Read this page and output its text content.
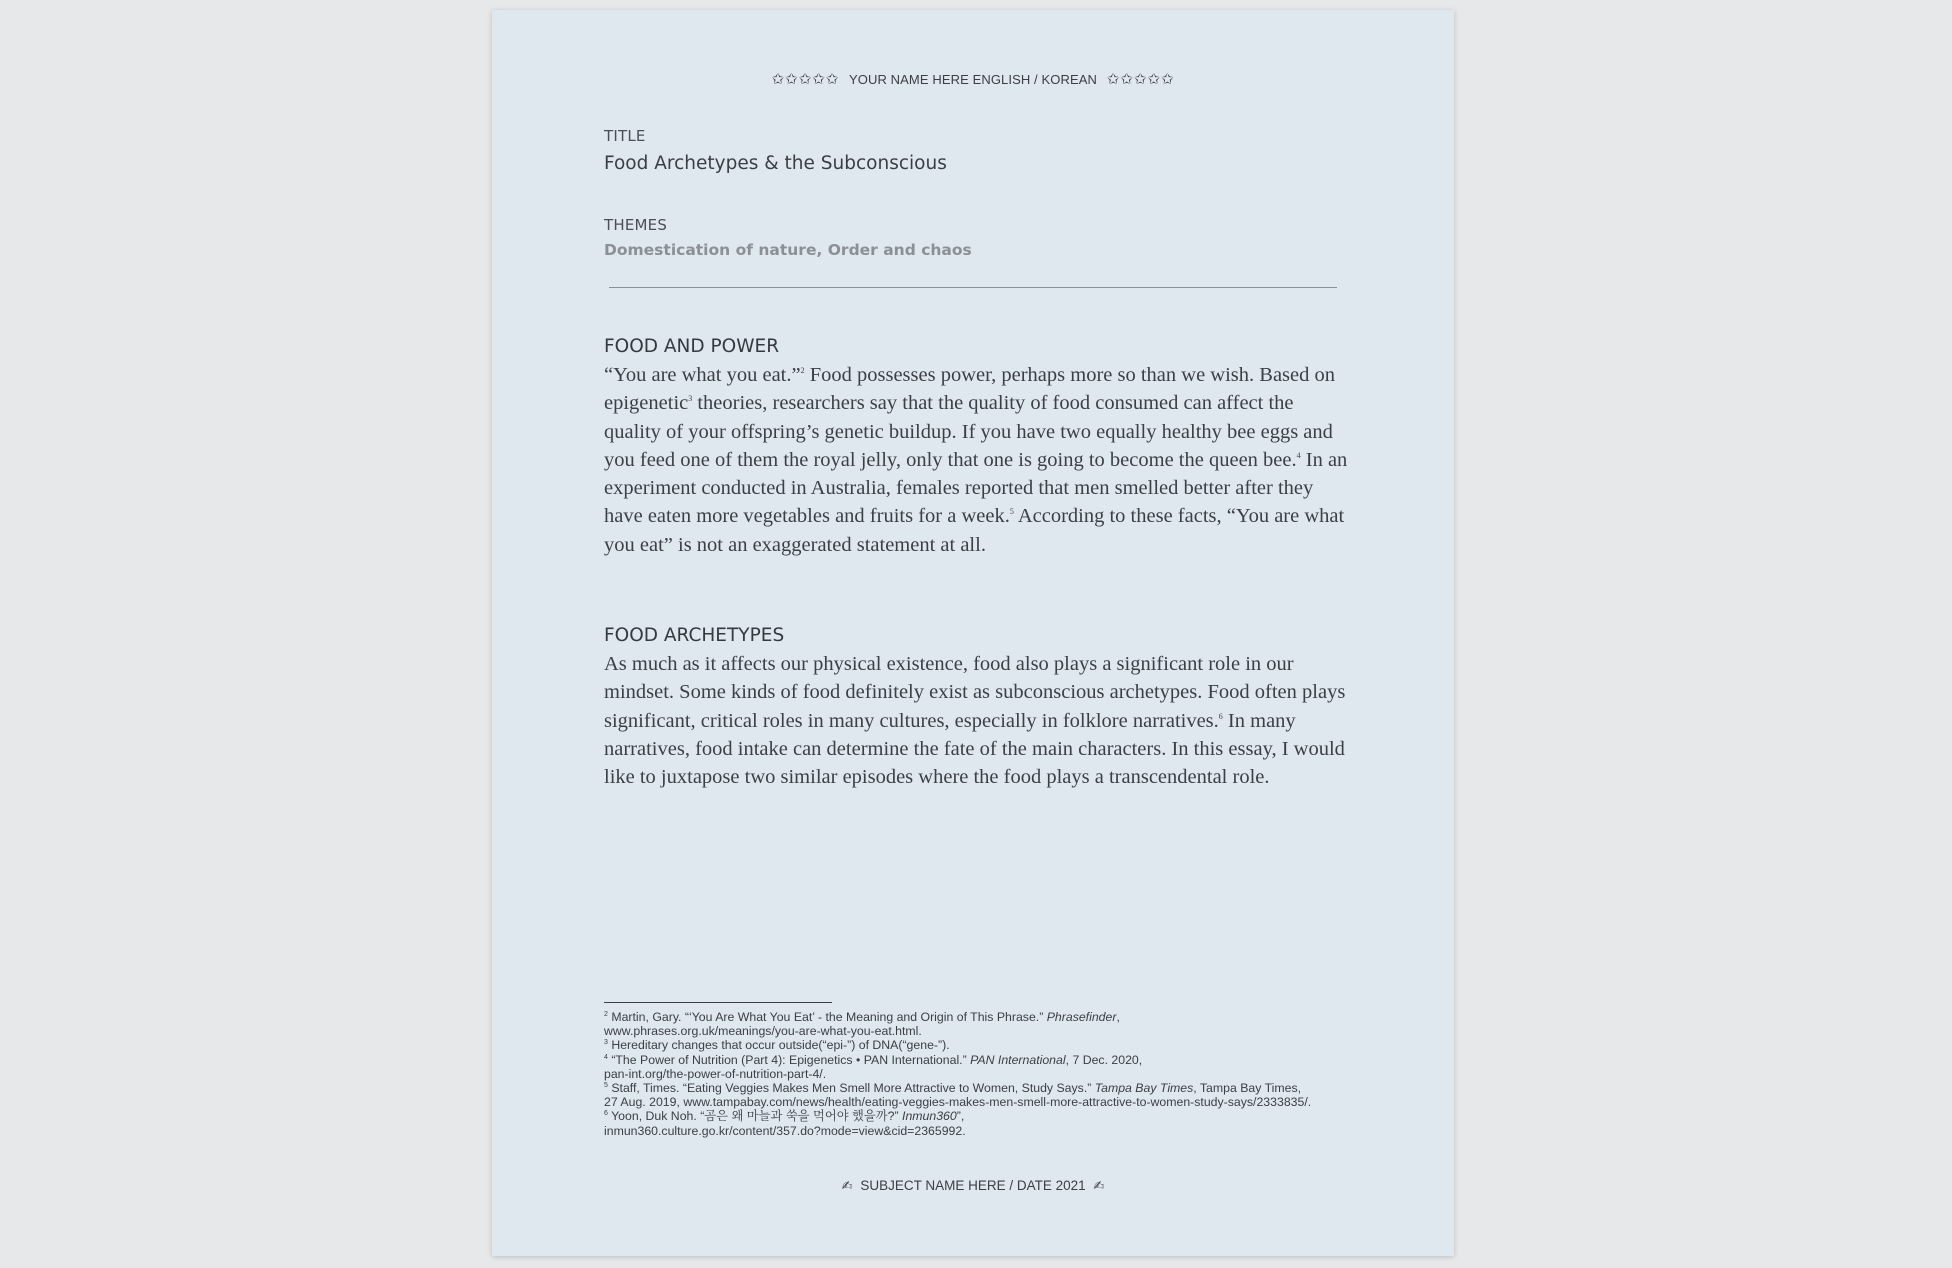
✩✩✩✩✩ YOUR NAME HERE ENGLISH / KOREAN ✩✩✩✩✩
TITLE
Food Archetypes & the Subconscious
THEMES
Domestication of nature, Order and chaos
FOOD AND POWER

“You are what you eat.”$^2$ Food possesses power, perhaps more so than we wish. Based on epigenetic$^3$ theories, researchers say that the quality of food consumed can affect the quality of your offspring’s genetic buildup. If you have two equally healthy bee eggs and you feed one of them the royal jelly, only that one is going to become the queen bee.$^4$ In an experiment conducted in Australia, females reported that men smelled better after they have eaten more vegetables and fruits for a week.$^5$ According to these facts, “You are what you eat” is not an exaggerated statement at all.

FOOD ARCHETYPES

As much as it affects our physical existence, food also plays a significant role in our mindset. Some kinds of food definitely exist as subconscious archetypes. Food often plays significant, critical roles in many cultures, especially in folklore narratives.$^6$ In many narratives, food intake can determine the fate of the main characters. In this essay, I would like to juxtapose two similar episodes where the food plays a transcendental role.

$^2$ Martin, Gary. “‘You Are What You Eat’ - the Meaning and Origin of This Phrase.” Phrasefinder,
www.phrases.org.uk/meanings/you-are-what-you-eat.html.

$^3$ Hereditary changes that occur outside(“epi-”) of DNA(“gene-”).

$^4$ “The Power of Nutrition (Part 4): Epigenetics • PAN International.” PAN International, 7 Dec. 2020,
pan-int.org/the-power-of-nutrition-part-4/.

$^5$ Staff, Times. “Eating Veggies Makes Men Smell More Attractive to Women, Study Says.” Tampa Bay Times, Tampa Bay Times,
27 Aug. 2019, www.tampabay.com/news/health/eating-veggies-makes-men-smell-more-attractive-to-women-study-says/2333835/.

$^6$ Yoon, Duk Noh. “곰은 왜 마늘과 쑥을 먹어야 했을까?” Inmun360”,
inmun360.culture.go.kr/content/357.do?mode=view&cid=2365992.

✍ SUBJECT NAME HERE / DATE 2021 ✍
